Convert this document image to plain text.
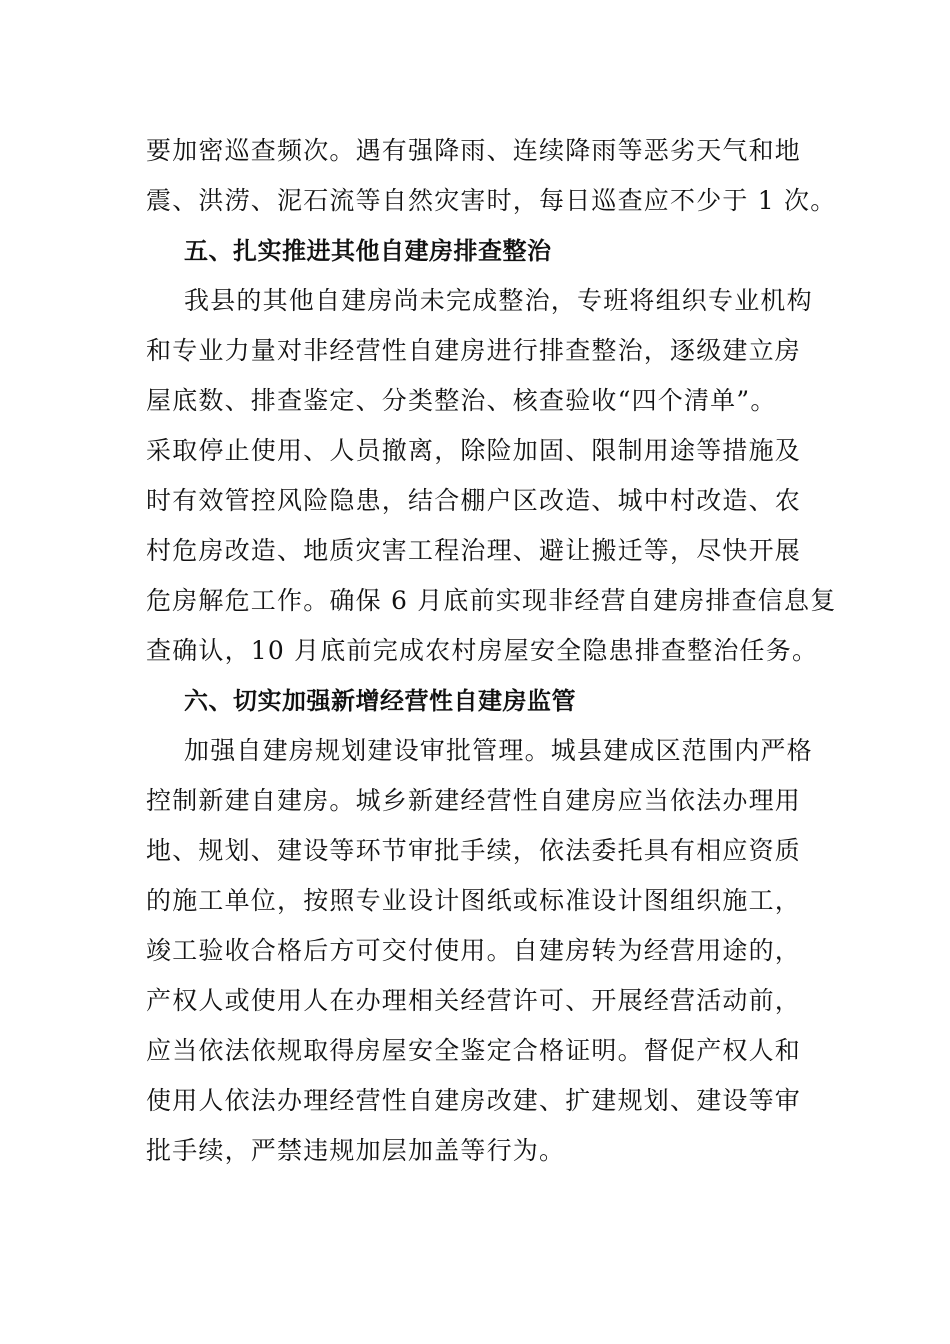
要加密巡查频次。遇有强降雨、连续降雨等恶劣天气和地
震、洪涝、泥石流等自然灾害时，每日巡查应不少于 1 次。
五、扎实推进其他自建房排查整治
我县的其他自建房尚未完成整治，专班将组织专业机构
和专业力量对非经营性自建房进行排查整治，逐级建立房
屋底数、排查鉴定、分类整治、核查验收“四个清单”。
采取停止使用、人员撤离，除险加固、限制用途等措施及
时有效管控风险隐患，结合棚户区改造、城中村改造、农
村危房改造、地质灾害工程治理、避让搬迁等，尽快开展
危房解危工作。确保 6 月底前实现非经营自建房排查信息复
查确认，10 月底前完成农村房屋安全隐患排查整治任务。
六、切实加强新增经营性自建房监管
加强自建房规划建设审批管理。城县建成区范围内严格
控制新建自建房。城乡新建经营性自建房应当依法办理用
地、规划、建设等环节审批手续，依法委托具有相应资质
的施工单位，按照专业设计图纸或标准设计图组织施工，
竣工验收合格后方可交付使用。自建房转为经营用途的，
产权人或使用人在办理相关经营许可、开展经营活动前，
应当依法依规取得房屋安全鉴定合格证明。督促产权人和
使用人依法办理经营性自建房改建、扩建规划、建设等审
批手续，严禁违规加层加盖等行为。
